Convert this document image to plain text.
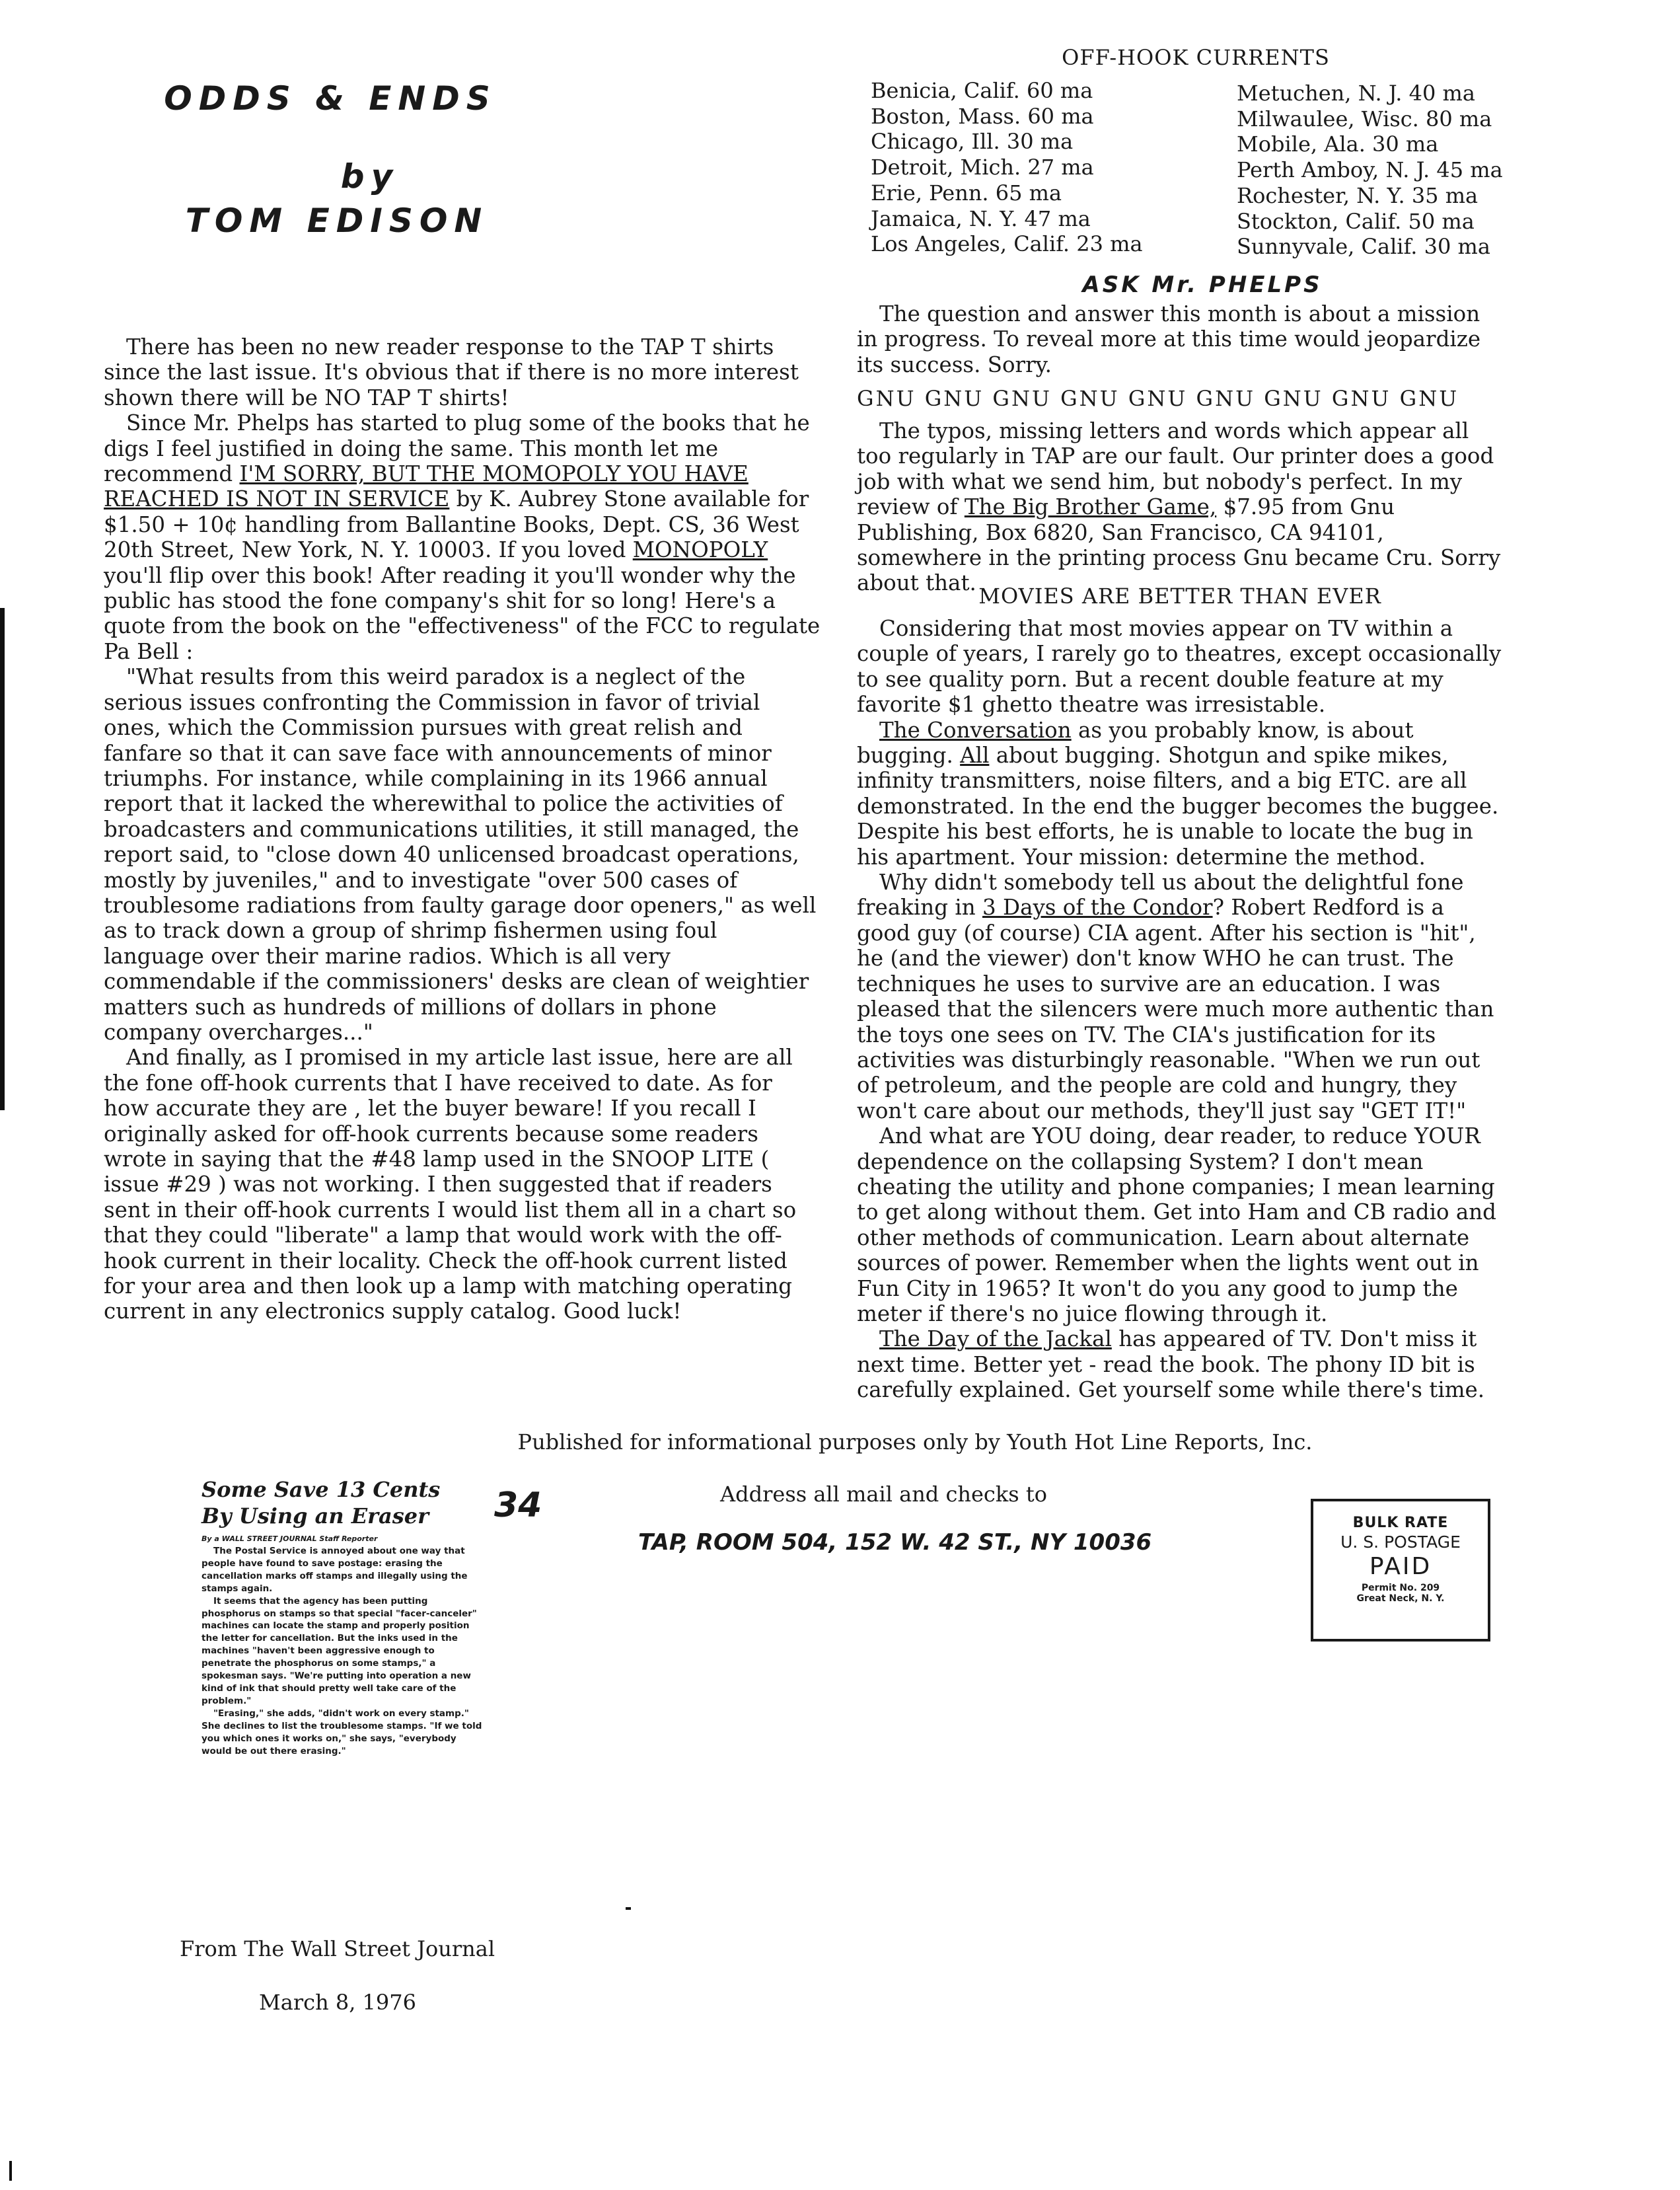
ODDS & ENDS
by
TOM EDISON

There has been no new reader response to the TAP T shirts since the last issue. It's obvious that if there is no more interest shown there will be NO TAP T shirts!

Since Mr. Phelps has started to plug some of the books that he digs I feel justified in doing the same. This month let me recommend I'M SORRY, BUT THE MOMOPOLY YOU HAVE REACHED IS NOT IN SERVICE by K. Aubrey Stone available for $1.50 + 10¢ handling from Ballantine Books, Dept. CS, 36 West 20th Street, New York, N. Y. 10003. If you loved MONOPOLY you'll flip over this book! After reading it you'll wonder why the public has stood the fone company's shit for so long! Here's a quote from the book on the "effectiveness" of the FCC to regulate Pa Bell :

"What results from this weird paradox is a neglect of the serious issues confronting the Commission in favor of trivial ones, which the Commission pursues with great relish and fanfare so that it can save face with announcements of minor triumphs. For instance, while complaining in its 1966 annual report that it lacked the wherewithal to police the activities of broadcasters and communications utilities, it still managed, the report said, to "close down 40 unlicensed broadcast operations, mostly by juveniles," and to investigate "over 500 cases of troublesome radiations from faulty garage door openers," as well as to track down a group of shrimp fishermen using foul language over their marine radios. Which is all very commendable if the commissioners' desks are clean of weightier matters such as hundreds of millions of dollars in phone company overcharges..."

And finally, as I promised in my article last issue, here are all the fone off-hook currents that I have received to date. As for how accurate they are , let the buyer beware! If you recall I originally asked for off-hook currents because some readers wrote in saying that the #48 lamp used in the SNOOP LITE ( issue #29 ) was not working. I then suggested that if readers sent in their off-hook currents I would list them all in a chart so that they could "liberate" a lamp that would work with the off-hook current in their locality. Check the off-hook current listed for your area and then look up a lamp with matching operating current in any electronics supply catalog. Good luck!

OFF-HOOK CURRENTS
Benicia, Calif. 60 ma
Boston, Mass. 60 ma
Chicago, Ill. 30 ma
Detroit, Mich. 27 ma
Erie, Penn. 65 ma
Jamaica, N. Y. 47 ma
Los Angeles, Calif. 23 ma
Metuchen, N. J. 40 ma
Milwaulee, Wisc. 80 ma
Mobile, Ala. 30 ma
Perth Amboy, N. J. 45 ma
Rochester, N. Y. 35 ma
Stockton, Calif. 50 ma
Sunnyvale, Calif. 30 ma
ASK Mr. PHELPS

The question and answer this month is about a mission in progress. To reveal more at this time would jeopardize its success. Sorry.

GNU GNU GNU GNU GNU GNU GNU GNU GNU

The typos, missing letters and words which appear all too regularly in TAP are our fault. Our printer does a good job with what we send him, but nobody's perfect. In my review of The Big Brother Game, $7.95 from Gnu Publishing, Box 6820, San Francisco, CA 94101, somewhere in the printing process Gnu became Cru. Sorry about that.

MOVIES ARE BETTER THAN EVER

Considering that most movies appear on TV within a couple of years, I rarely go to theatres, except occasionally to see quality porn. But a recent double feature at my favorite $1 ghetto theatre was irresistable.

The Conversation as you probably know, is about bugging. All about bugging. Shotgun and spike mikes, infinity transmitters, noise filters, and a big ETC. are all demonstrated. In the end the bugger becomes the buggee. Despite his best efforts, he is unable to locate the bug in his apartment. Your mission: determine the method.

Why didn't somebody tell us about the delightful fone freaking in 3 Days of the Condor? Robert Redford is a good guy (of course) CIA agent. After his section is "hit", he (and the viewer) don't know WHO he can trust. The techniques he uses to survive are an education. I was pleased that the silencers were much more authentic than the toys one sees on TV. The CIA's justification for its activities was disturbingly reasonable. "When we run out of petroleum, and the people are cold and hungry, they won't care about our methods, they'll just say "GET IT!"

And what are YOU doing, dear reader, to reduce YOUR dependence on the collapsing System? I don't mean cheating the utility and phone companies; I mean learning to get along without them. Get into Ham and CB radio and other methods of communication. Learn about alternate sources of power. Remember when the lights went out in Fun City in 1965? It won't do you any good to jump the meter if there's no juice flowing through it.

The Day of the Jackal has appeared of TV. Don't miss it next time. Better yet - read the book. The phony ID bit is carefully explained. Get yourself some while there's time.

Published for informational purposes only by Youth Hot Line Reports, Inc.
34	Address all mail and checks to
TAP, ROOM 504, 152 W. 42 ST., NY 10036
Some Save 13 Cents
By Using an Eraser
By a WALL STREET JOURNAL Staff Reporter

The Postal Service is annoyed about one way that people have found to save postage: erasing the cancellation marks off stamps and illegally using the stamps again.

It seems that the agency has been putting phosphorus on stamps so that special "facer-canceler" machines can locate the stamp and properly position the letter for cancellation. But the inks used in the machines "haven't been aggressive enough to penetrate the phosphorus on some stamps," a spokesman says. "We're putting into operation a new kind of ink that should pretty well take care of the problem."

"Erasing," she adds, "didn't work on every stamp." She declines to list the troublesome stamps. "If we told you which ones it works on," she says, "everybody would be out there erasing."

From The Wall Street Journal
March 8, 1976
BULK RATE
U. S. POSTAGE
PAID
Permit No. 209
Great Neck, N. Y.
